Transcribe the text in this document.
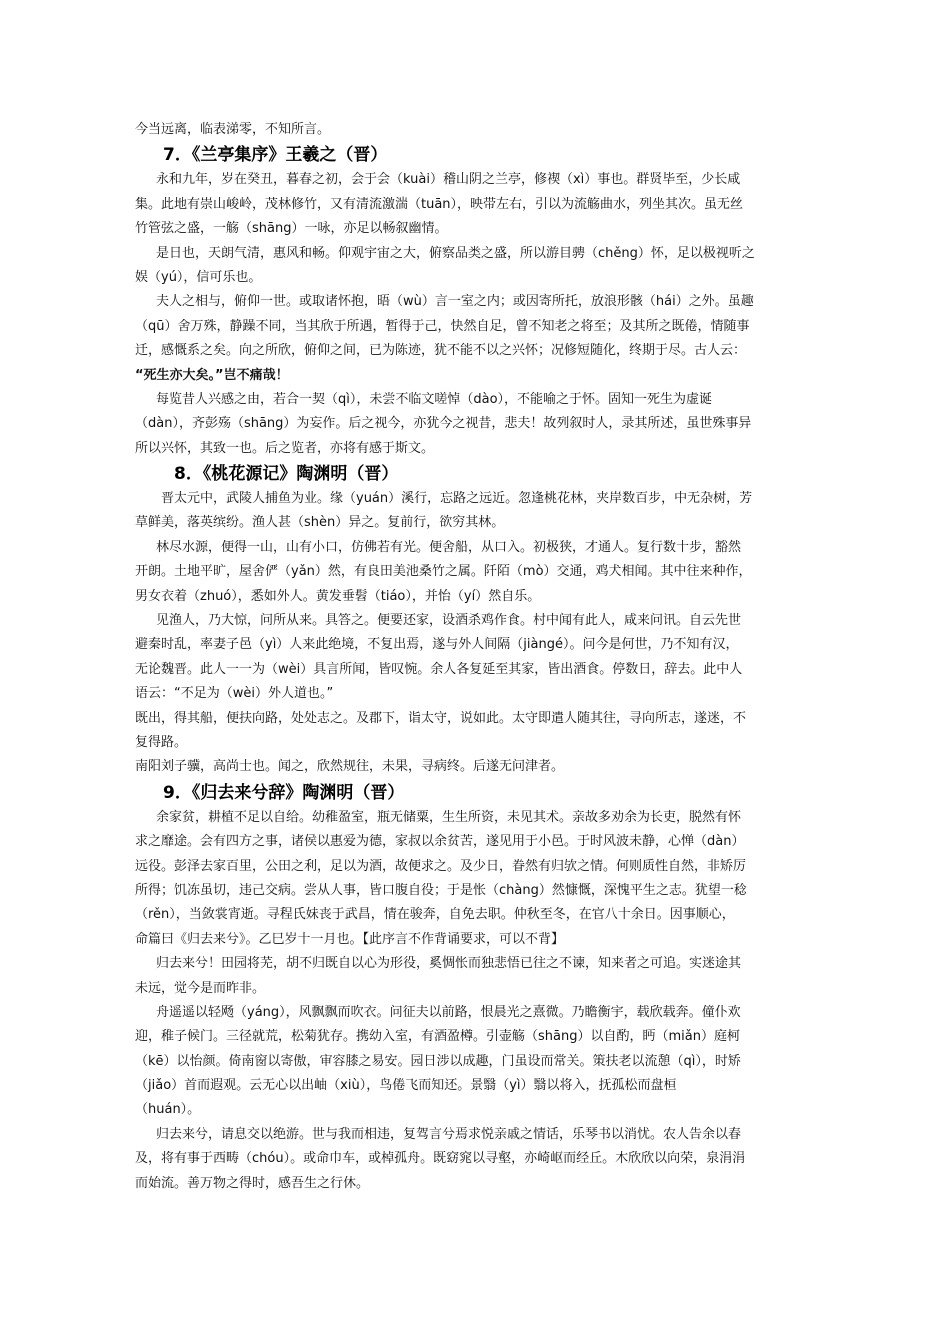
今当远离，临表涕零，不知所言。
7．《兰亭集序》王羲之（晋）
永和九年，岁在癸丑，暮春之初，会于会（kuài）稽山阴之兰亭，修禊（xì）事也。群贤毕至，少长咸
集。此地有崇山峻岭，茂林修竹，又有清流激湍（tuān），映带左右，引以为流觞曲水，列坐其次。虽无丝
竹管弦之盛，一觞（shāng）一咏，亦足以畅叙幽情。
是日也，天朗气清，惠风和畅。仰观宇宙之大，俯察品类之盛，所以游目骋（chěng）怀，足以极视听之
娱（yú），信可乐也。
夫人之相与，俯仰一世。或取诸怀抱，晤（wù）言一室之内；或因寄所托，放浪形骸（hái）之外。虽趣
（qū）舍万殊，静躁不同，当其欣于所遇，暂得于己，快然自足，曾不知老之将至；及其所之既倦，情随事
迁，感慨系之矣。向之所欣，俯仰之间，已为陈迹，犹不能不以之兴怀；况修短随化，终期于尽。古人云：
“死生亦大矣。”岂不痛哉！
每览昔人兴感之由，若合一契（qì），未尝不临文嗟悼（dào），不能喻之于怀。固知一死生为虚诞
（dàn），齐彭殇（shāng）为妄作。后之视今，亦犹今之视昔，悲夫！故列叙时人，录其所述，虽世殊事异
所以兴怀，其致一也。后之览者，亦将有感于斯文。
8．《桃花源记》陶渊明（晋）
晋太元中，武陵人捕鱼为业。缘（yuán）溪行，忘路之远近。忽逢桃花林，夹岸数百步，中无杂树，芳
草鲜美，落英缤纷。渔人甚（shèn）异之。复前行，欲穷其林。
林尽水源，便得一山，山有小口，仿佛若有光。便舍船，从口入。初极狭，才通人。复行数十步，豁然
开朗。土地平旷，屋舍俨（yǎn）然，有良田美池桑竹之属。阡陌（mò）交通，鸡犬相闻。其中往来种作，
男女衣着（zhuó），悉如外人。黄发垂髫（tiáo），并怡（yí）然自乐。
见渔人，乃大惊，问所从来。具答之。便要还家，设酒杀鸡作食。村中闻有此人，咸来问讯。自云先世
避秦时乱，率妻子邑（yì）人来此绝境，不复出焉，遂与外人间隔（jiàngé）。问今是何世，乃不知有汉，
无论魏晋。此人一一为（wèi）具言所闻，皆叹惋。余人各复延至其家，皆出酒食。停数日，辞去。此中人
语云：“不足为（wèi）外人道也。”
既出，得其船，便扶向路，处处志之。及郡下，诣太守，说如此。太守即遣人随其往，寻向所志，遂迷，不
复得路。
南阳刘子骥，高尚士也。闻之，欣然规往，未果，寻病终。后遂无问津者。
9．《归去来兮辞》陶渊明（晋）
余家贫，耕植不足以自给。幼稚盈室，瓶无储粟，生生所资，未见其术。亲故多劝余为长吏，脱然有怀
求之靡途。会有四方之事，诸侯以惠爱为德，家叔以余贫苦，遂见用于小邑。于时风波未静，心惮（dàn）
远役。彭泽去家百里，公田之利，足以为酒，故便求之。及少日，眷然有归欤之情。何则质性自然，非矫厉
所得；饥冻虽切，违己交病。尝从人事，皆口腹自役；于是怅（chàng）然慷慨，深愧平生之志。犹望一稔
（rěn），当敛裳宵逝。寻程氏妹丧于武昌，情在骏奔，自免去职。仲秋至冬，在官八十余日。因事顺心，
命篇曰《归去来兮》。乙巳岁十一月也。【此序言不作背诵要求，可以不背】
归去来兮！田园将芜，胡不归既自以心为形役，奚惆怅而独悲悟已往之不谏，知来者之可追。实迷途其
未远，觉今是而昨非。
舟遥遥以轻飏（yáng），风飘飘而吹衣。问征夫以前路，恨晨光之熹微。乃瞻衡宇，载欣载奔。僮仆欢
迎，稚子候门。三径就荒，松菊犹存。携幼入室，有酒盈樽。引壶觞（shāng）以自酌，眄（miǎn）庭柯
（kē）以怡颜。倚南窗以寄傲，审容膝之易安。园日涉以成趣，门虽设而常关。策扶老以流憩（qì），时矫
（jiǎo）首而遐观。云无心以出岫（xiù），鸟倦飞而知还。景翳（yì）翳以将入，抚孤松而盘桓
（huán）。
归去来兮，请息交以绝游。世与我而相违，复驾言兮焉求悦亲戚之情话，乐琴书以消忧。农人告余以春
及，将有事于西畴（chóu）。或命巾车，或棹孤舟。既窈窕以寻壑，亦崎岖而经丘。木欣欣以向荣，泉涓涓
而始流。善万物之得时，感吾生之行休。
